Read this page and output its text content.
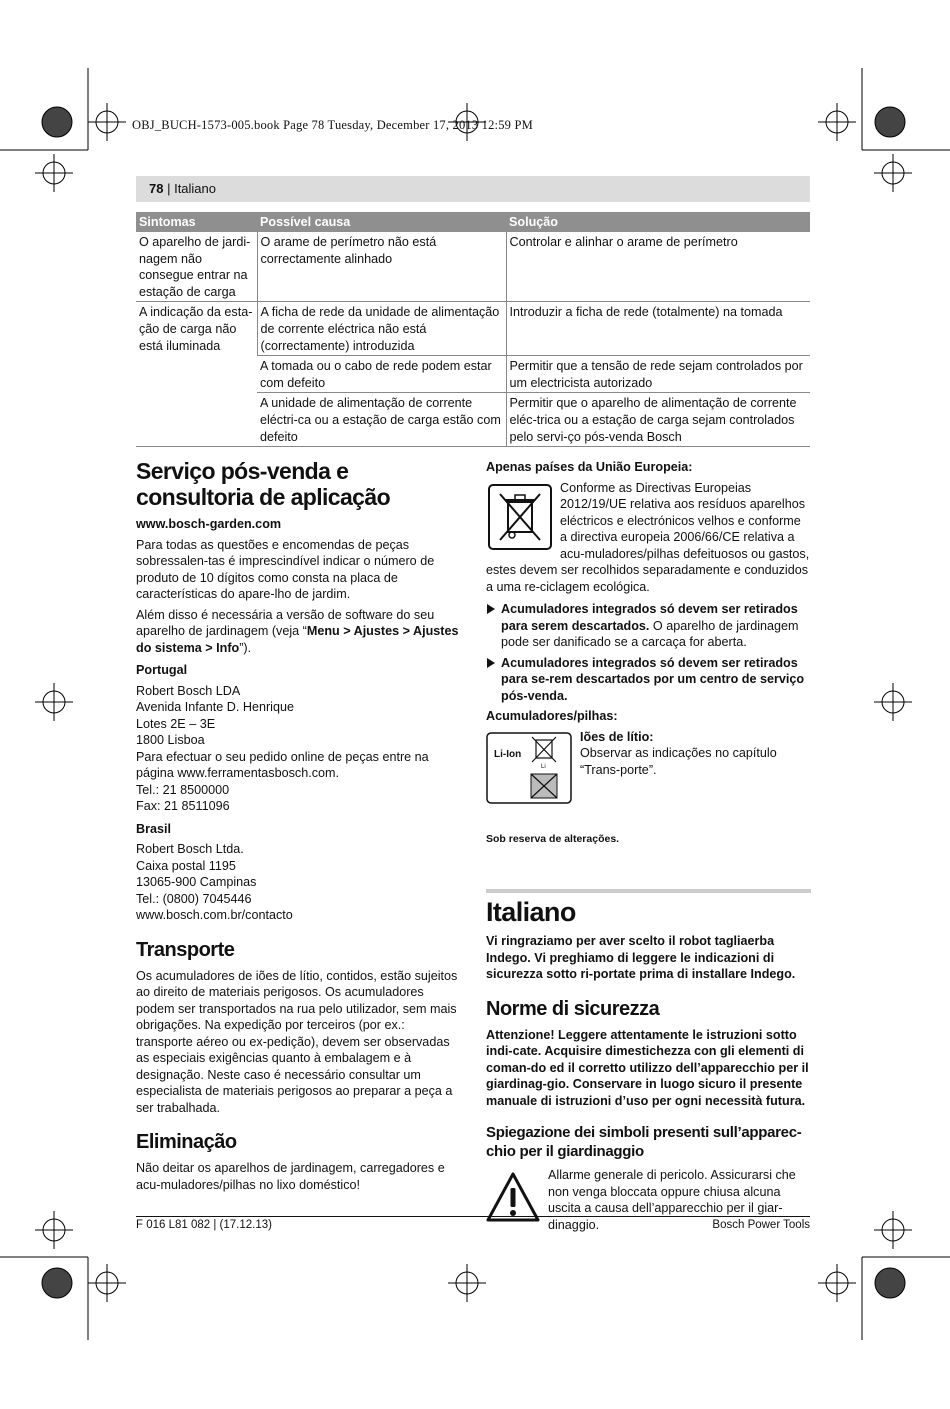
OBJ_BUCH-1573-005.book Page 78 Tuesday, December 17, 2013 12:59 PM
78 | Italiano
Sintomas	Possível causa	Solução
O aparelho de jardi-nagem não consegue entrar na estação de carga	O arame de perímetro não está correctamente alinhado	Controlar e alinhar o arame de perímetro
A indicação da esta-ção de carga não está iluminada	A ficha de rede da unidade de alimentação de corrente eléctrica não está (correctamente) introduzida	Introduzir a ficha de rede (totalmente) na tomada
	A tomada ou o cabo de rede podem estar com defeito	Permitir que a tensão de rede sejam controlados por um electricista autorizado
	A unidade de alimentação de corrente eléctri-ca ou a estação de carga estão com defeito	Permitir que o aparelho de alimentação de corrente eléc-trica ou a estação de carga sejam controlados pelo servi-ço pós-venda Bosch
Serviço pós-venda e consultoria de aplicação

www.bosch-garden.com

Para todas as questões e encomendas de peças sobressalen-tas é imprescindível indicar o número de produto de 10 dígitos como consta na placa de características do apare-lho de jardim.

Além disso é necessária a versão de software do seu aparelho de jardinagem (veja “Menu > Ajustes > Ajustes do sistema > Info”).

Portugal

Robert Bosch LDA

Avenida Infante D. Henrique

Lotes 2E – 3E

1800 Lisboa

Para efectuar o seu pedido online de peças entre na página www.ferramentasbosch.com.

Tel.: 21 8500000

Fax: 21 8511096

Brasil

Robert Bosch Ltda.

Caixa postal 1195

13065-900 Campinas

Tel.: (0800) 7045446

www.bosch.com.br/contacto

Transporte

Os acumuladores de iões de lítio, contidos, estão sujeitos ao direito de materiais perigosos. Os acumuladores podem ser transportados na rua pelo utilizador, sem mais obrigações. Na expedição por terceiros (por ex.: transporte aéreo ou ex-pedição), devem ser observadas as especiais exigências quanto à embalagem e à designação. Neste caso é necessário consultar um especialista de materiais perigosos ao preparar a peça a ser trabalhada.

Eliminação

Não deitar os aparelhos de jardinagem, carregadores e acu-muladores/pilhas no lixo doméstico!

Apenas países da União Europeia:

Conforme as Directivas Europeias 2012/19/UE relativa aos resíduos aparelhos eléctricos e electrónicos velhos e conforme a directiva europeia 2006/66/CE relativa a acu-muladores/pilhas defeituosos ou gastos, estes devem ser recolhidos separadamente e conduzidos a uma re-ciclagem ecológica.

Acumuladores integrados só devem ser retirados para serem descartados. O aparelho de jardinagem pode ser danificado se a carcaça for aberta.
Acumuladores integrados só devem ser retirados para se-rem descartados por um centro de serviço pós-venda.

Acumuladores/pilhas:

Li-Ion
Li

Iões de lítio:

Observar as indicações no capítulo “Trans-porte”.

Sob reserva de alterações.

Italiano

Vi ringraziamo per aver scelto il robot tagliaerba Indego. Vi preghiamo di leggere le indicazioni di sicurezza sotto ri-portate prima di installare Indego.

Norme di sicurezza

Attenzione! Leggere attentamente le istruzioni sotto indi-cate. Acquisire dimestichezza con gli elementi di coman-do ed il corretto utilizzo dell’apparecchio per il giardinag-gio. Conservare in luogo sicuro il presente manuale di istruzioni d’uso per ogni necessità futura.

Spiegazione dei simboli presenti sull’apparec-chio per il giardinaggio

Allarme generale di pericolo. Assicurarsi che non venga bloccata oppure chiusa alcuna uscita a causa dell’apparecchio per il giar-dinaggio.

F 016 L81 082 | (17.12.13)	Bosch Power Tools
